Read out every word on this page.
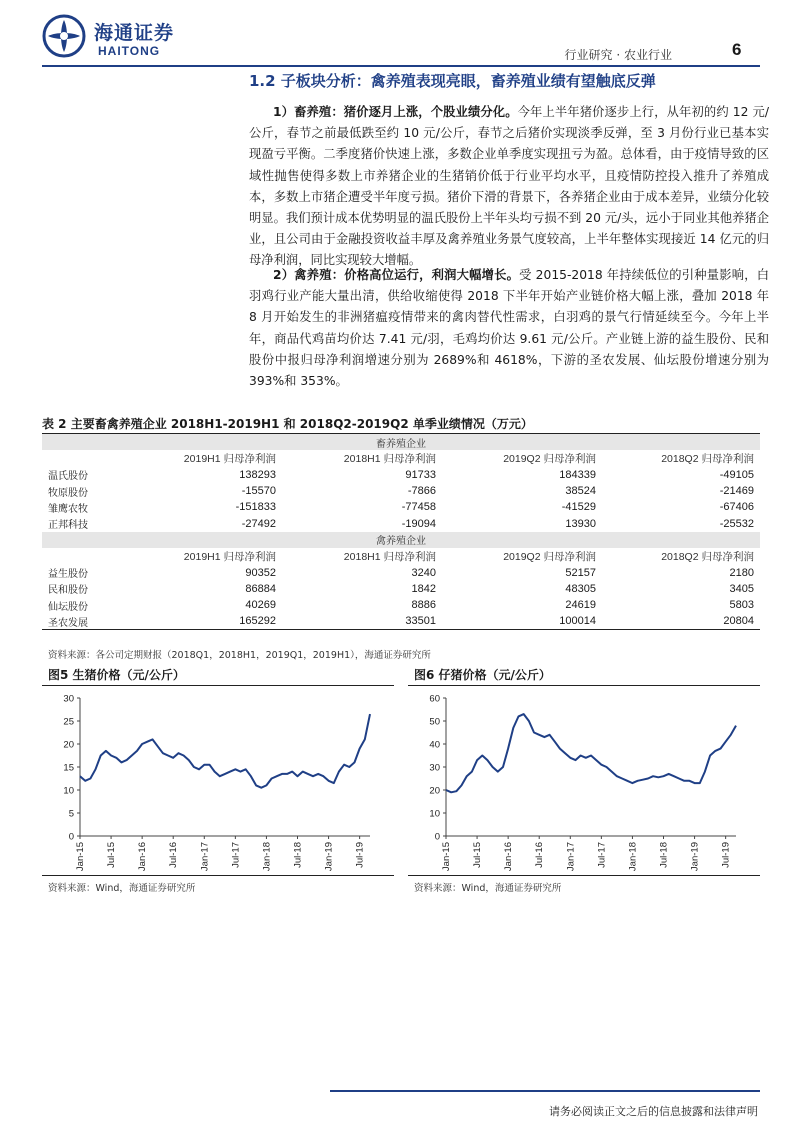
海通证券
HAITONG	行业研究 · 农业行业	6
1.2 子板块分析：禽养殖表现亮眼，畜养殖业绩有望触底反弹
1）畜养殖：猪价逐月上涨，个股业绩分化。今年上半年猪价逐步上行，从年初的约 12 元/公斤，春节之前最低跌至约 10 元/公斤，春节之后猪价实现淡季反弹，至 3 月份行业已基本实现盈亏平衡。二季度猪价快速上涨，多数企业单季度实现扭亏为盈。总体看，由于疫情导致的区域性抛售使得多数上市养猪企业的生猪销价低于行业平均水平，且疫情防控投入推升了养殖成本，多数上市猪企遭受半年度亏损。猪价下滑的背景下，各养猪企业由于成本差异，业绩分化较明显。我们预计成本优势明显的温氏股份上半年头均亏损不到 20 元/头，远小于同业其他养猪企业，且公司由于金融投资收益丰厚及禽养殖业务景气度较高，上半年整体实现接近 14 亿元的归母净利润，同比实现较大增幅。
2）禽养殖：价格高位运行，利润大幅增长。受 2015-2018 年持续低位的引种量影响，白羽鸡行业产能大量出清，供给收缩使得 2018 下半年开始产业链价格大幅上涨，叠加 2018 年 8 月开始发生的非洲猪瘟疫情带来的禽肉替代性需求，白羽鸡的景气行情延续至今。今年上半年，商品代鸡苗均价达 7.41 元/羽，毛鸡均价达 9.61 元/公斤。产业链上游的益生股份、民和股份中报归母净利润增速分别为 2689%和 4618%，下游的圣农发展、仙坛股份增速分别为 393%和 353%。
表 2 主要畜禽养殖企业 2018H1-2019H1 和 2018Q2-2019Q2 单季业绩情况（万元）
畜养殖企业				
	2019H1 归母净利润	2018H1 归母净利润	2019Q2 归母净利润	2018Q2 归母净利润
温氏股份	138293	91733	184339	-49105
牧原股份	-15570	-7866	38524	-21469
雏鹰农牧	-151833	-77458	-41529	-67406
正邦科技	-27492	-19094	13930	-25532
禽养殖企业				
	2019H1 归母净利润	2018H1 归母净利润	2019Q2 归母净利润	2018Q2 归母净利润
益生股份	90352	3240	52157	2180
民和股份	86884	1842	48305	3405
仙坛股份	40269	8886	24619	5803
圣农发展	165292	33501	100014	20804
资料来源：各公司定期财报（2018Q1，2018H1，2019Q1，2019H1），海通证券研究所
图5 生猪价格（元/公斤）
0
5
10
15
20
25
30
Jan-15 Jul-15 Jan-16 Jul-16 Jan-17 Jul-17 Jan-18 Jul-18 Jan-19 Jul-19
资料来源：Wind，海通证券研究所
图6 仔猪价格（元/公斤）
0
10
20
30
40
50
60
Jan-15 Jul-15 Jan-16 Jul-16 Jan-17 Jul-17 Jan-18 Jul-18 Jan-19 Jul-19
资料来源：Wind，海通证券研究所
请务必阅读正文之后的信息披露和法律声明
